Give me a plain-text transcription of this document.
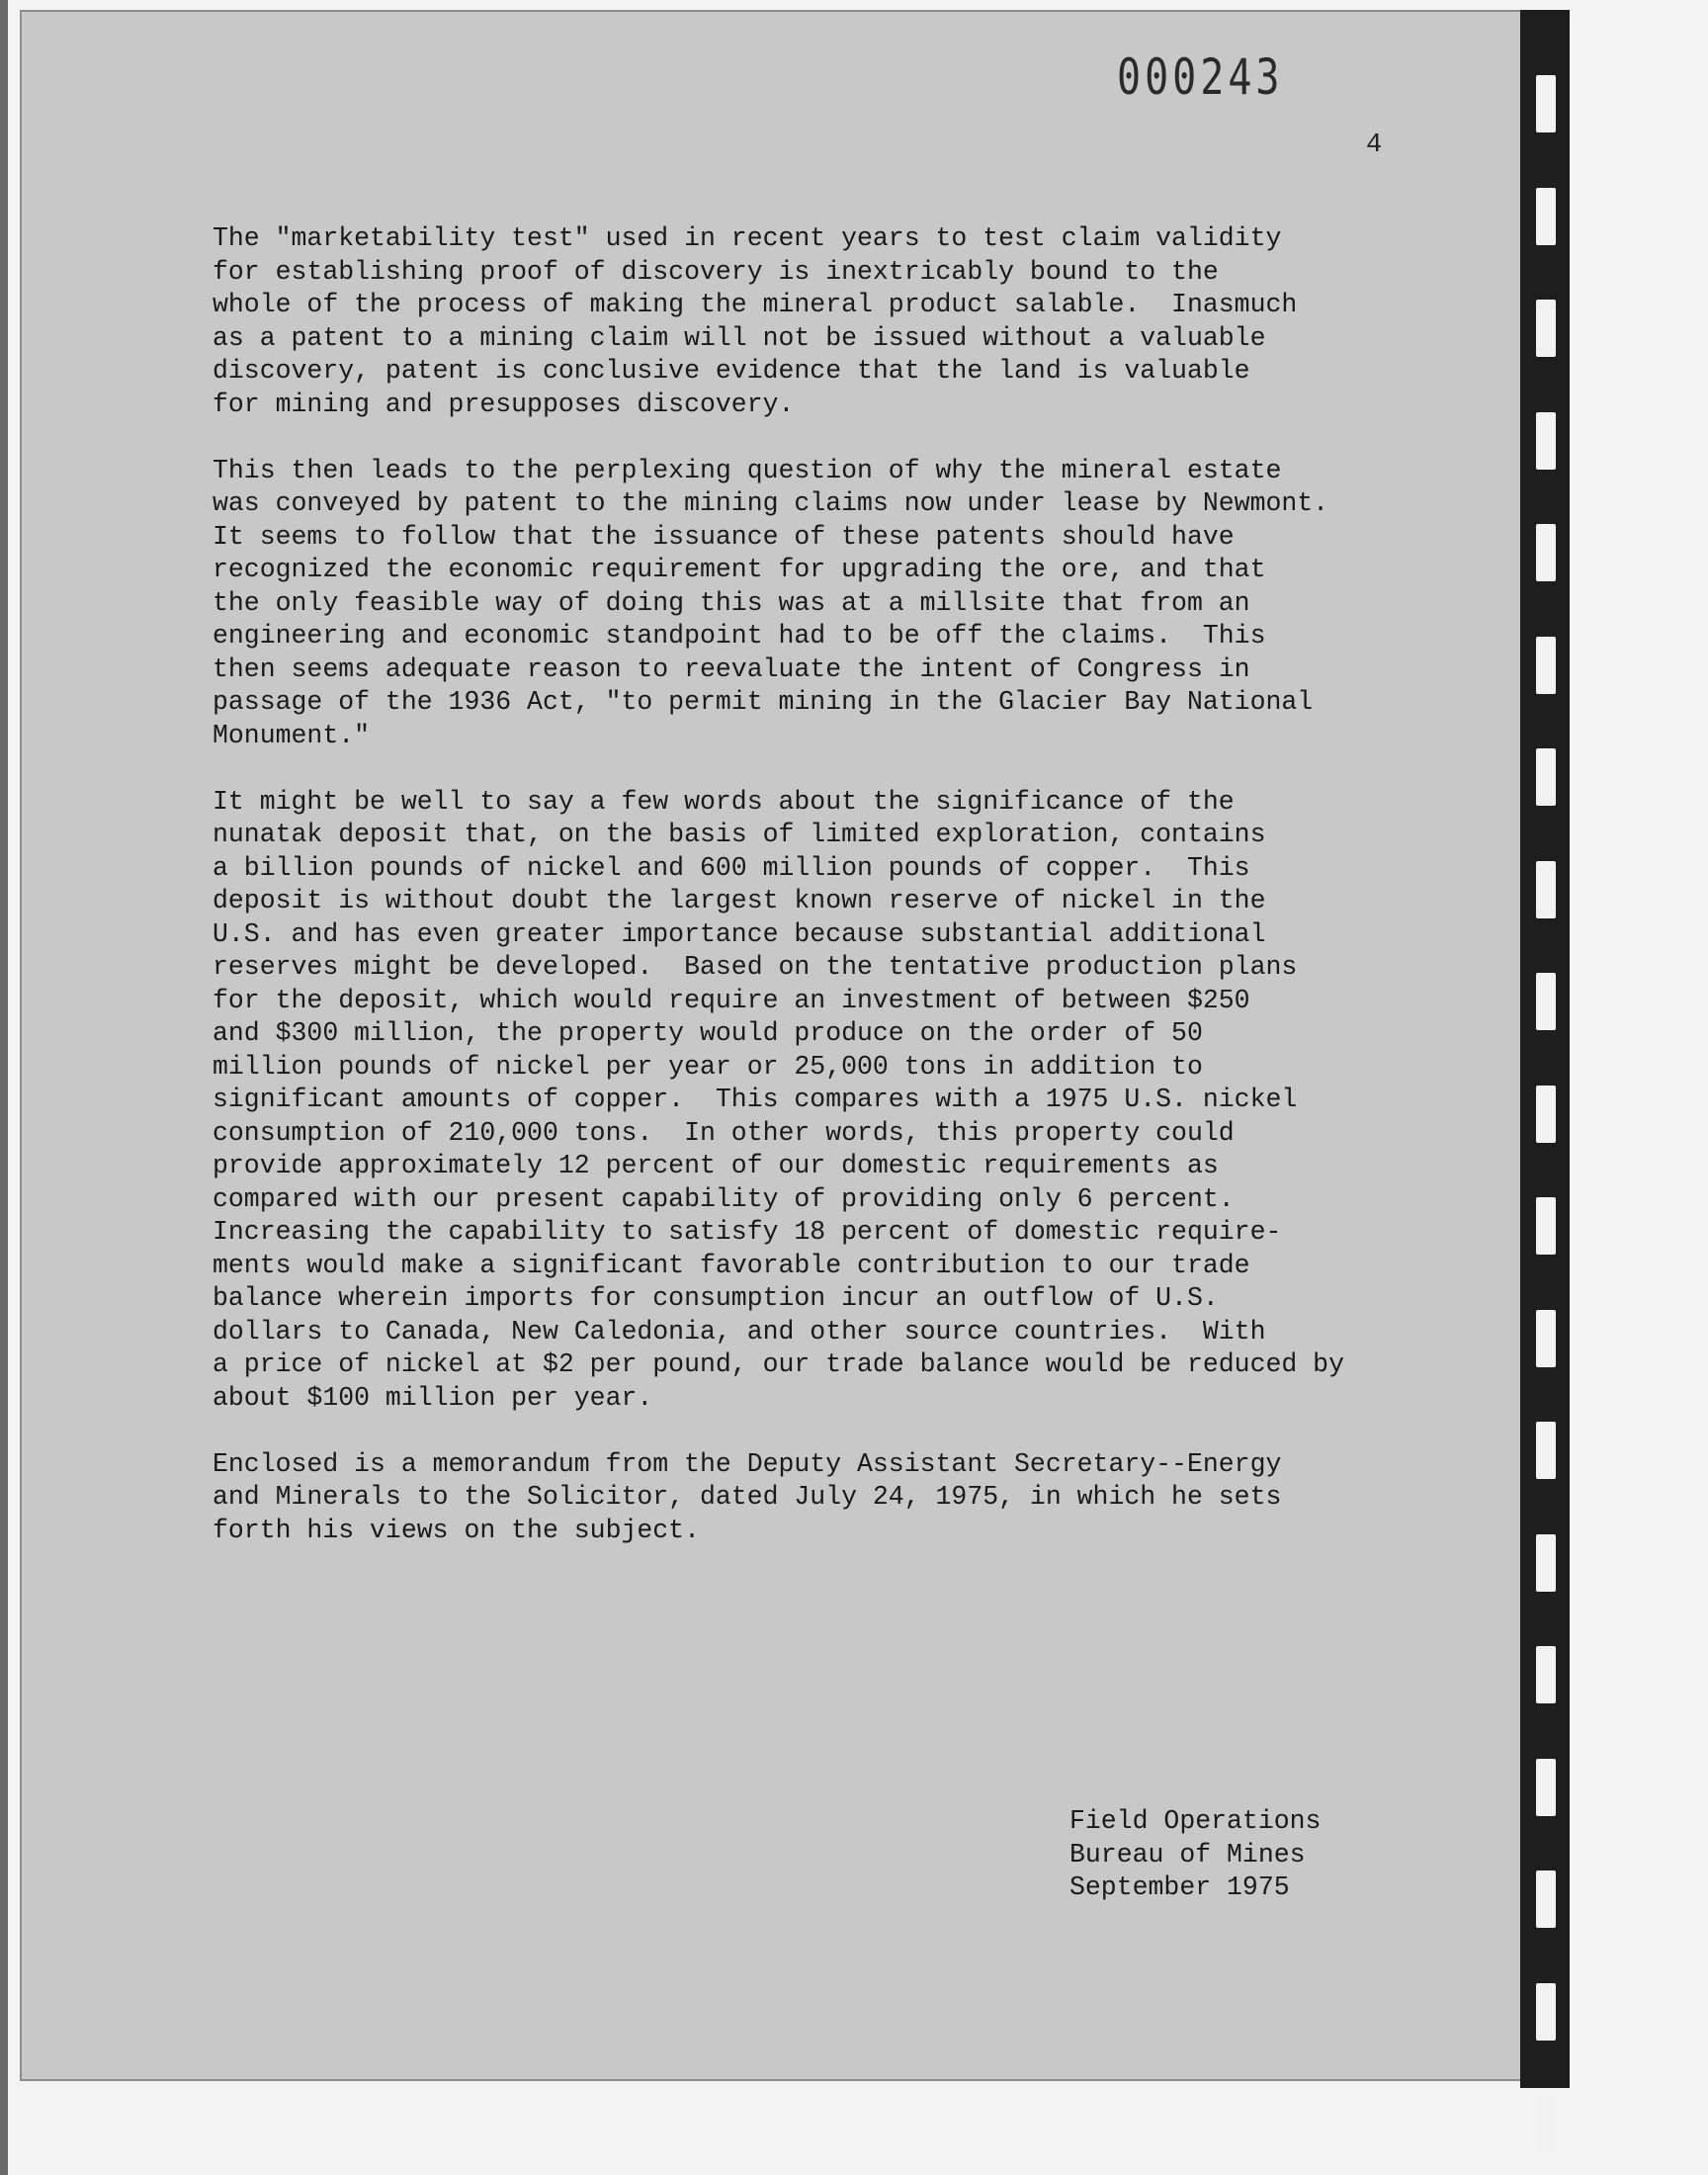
000243
4

The "marketability test" used in recent years to test claim validity
for establishing proof of discovery is inextricably bound to the
whole of the process of making the mineral product salable.  Inasmuch
as a patent to a mining claim will not be issued without a valuable
discovery, patent is conclusive evidence that the land is valuable
for mining and presupposes discovery.

This then leads to the perplexing question of why the mineral estate
was conveyed by patent to the mining claims now under lease by Newmont.
It seems to follow that the issuance of these patents should have
recognized the economic requirement for upgrading the ore, and that
the only feasible way of doing this was at a millsite that from an
engineering and economic standpoint had to be off the claims.  This
then seems adequate reason to reevaluate the intent of Congress in
passage of the 1936 Act, "to permit mining in the Glacier Bay National
Monument."

It might be well to say a few words about the significance of the
nunatak deposit that, on the basis of limited exploration, contains
a billion pounds of nickel and 600 million pounds of copper.  This
deposit is without doubt the largest known reserve of nickel in the
U.S. and has even greater importance because substantial additional
reserves might be developed.  Based on the tentative production plans
for the deposit, which would require an investment of between $250
and $300 million, the property would produce on the order of 50
million pounds of nickel per year or 25,000 tons in addition to
significant amounts of copper.  This compares with a 1975 U.S. nickel
consumption of 210,000 tons.  In other words, this property could
provide approximately 12 percent of our domestic requirements as
compared with our present capability of providing only 6 percent.
Increasing the capability to satisfy 18 percent of domestic require-
ments would make a significant favorable contribution to our trade
balance wherein imports for consumption incur an outflow of U.S.
dollars to Canada, New Caledonia, and other source countries.  With
a price of nickel at $2 per pound, our trade balance would be reduced by
about $100 million per year.

Enclosed is a memorandum from the Deputy Assistant Secretary--Energy
and Minerals to the Solicitor, dated July 24, 1975, in which he sets
forth his views on the subject.

Field Operations
Bureau of Mines
September 1975
